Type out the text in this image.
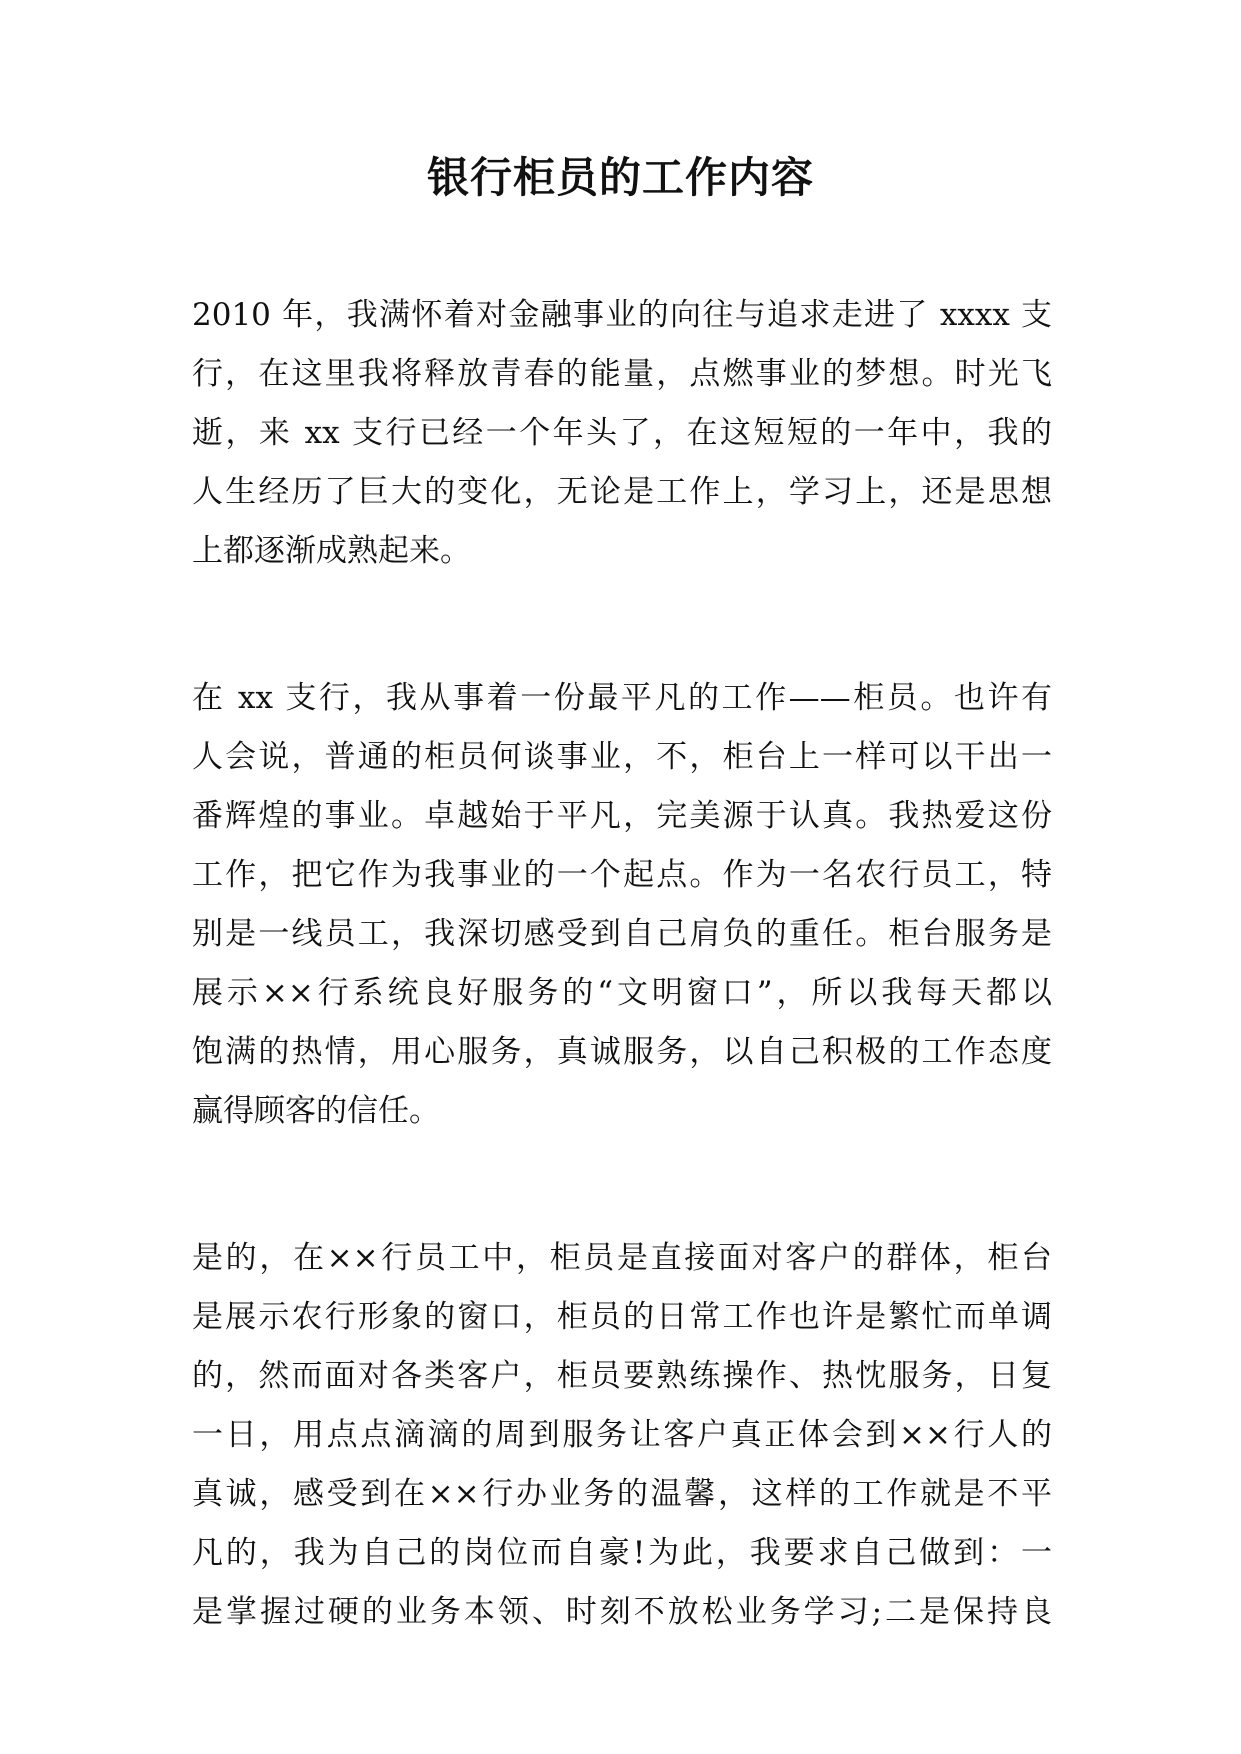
银行柜员的工作内容
2010 年，我满怀着对金融事业的向往与追求走进了 xxxx 支
行，在这里我将释放青春的能量，点燃事业的梦想。时光飞
逝，来 xx 支行已经一个年头了，在这短短的一年中，我的
人生经历了巨大的变化，无论是工作上，学习上，还是思想
上都逐渐成熟起来。
在 xx 支行，我从事着一份最平凡的工作——柜员。也许有
人会说，普通的柜员何谈事业，不，柜台上一样可以干出一
番辉煌的事业。卓越始于平凡，完美源于认真。我热爱这份
工作，把它作为我事业的一个起点。作为一名农行员工，特
别是一线员工，我深切感受到自己肩负的重任。柜台服务是
展示××行系统良好服务的“文明窗口”，所以我每天都以
饱满的热情，用心服务，真诚服务，以自己积极的工作态度
赢得顾客的信任。
是的，在××行员工中，柜员是直接面对客户的群体，柜台
是展示农行形象的窗口，柜员的日常工作也许是繁忙而单调
的，然而面对各类客户，柜员要熟练操作、热忱服务，日复
一日，用点点滴滴的周到服务让客户真正体会到××行人的
真诚，感受到在××行办业务的温馨，这样的工作就是不平
凡的，我为自己的岗位而自豪!为此，我要求自己做到：一
是掌握过硬的业务本领、时刻不放松业务学习;二是保持良
